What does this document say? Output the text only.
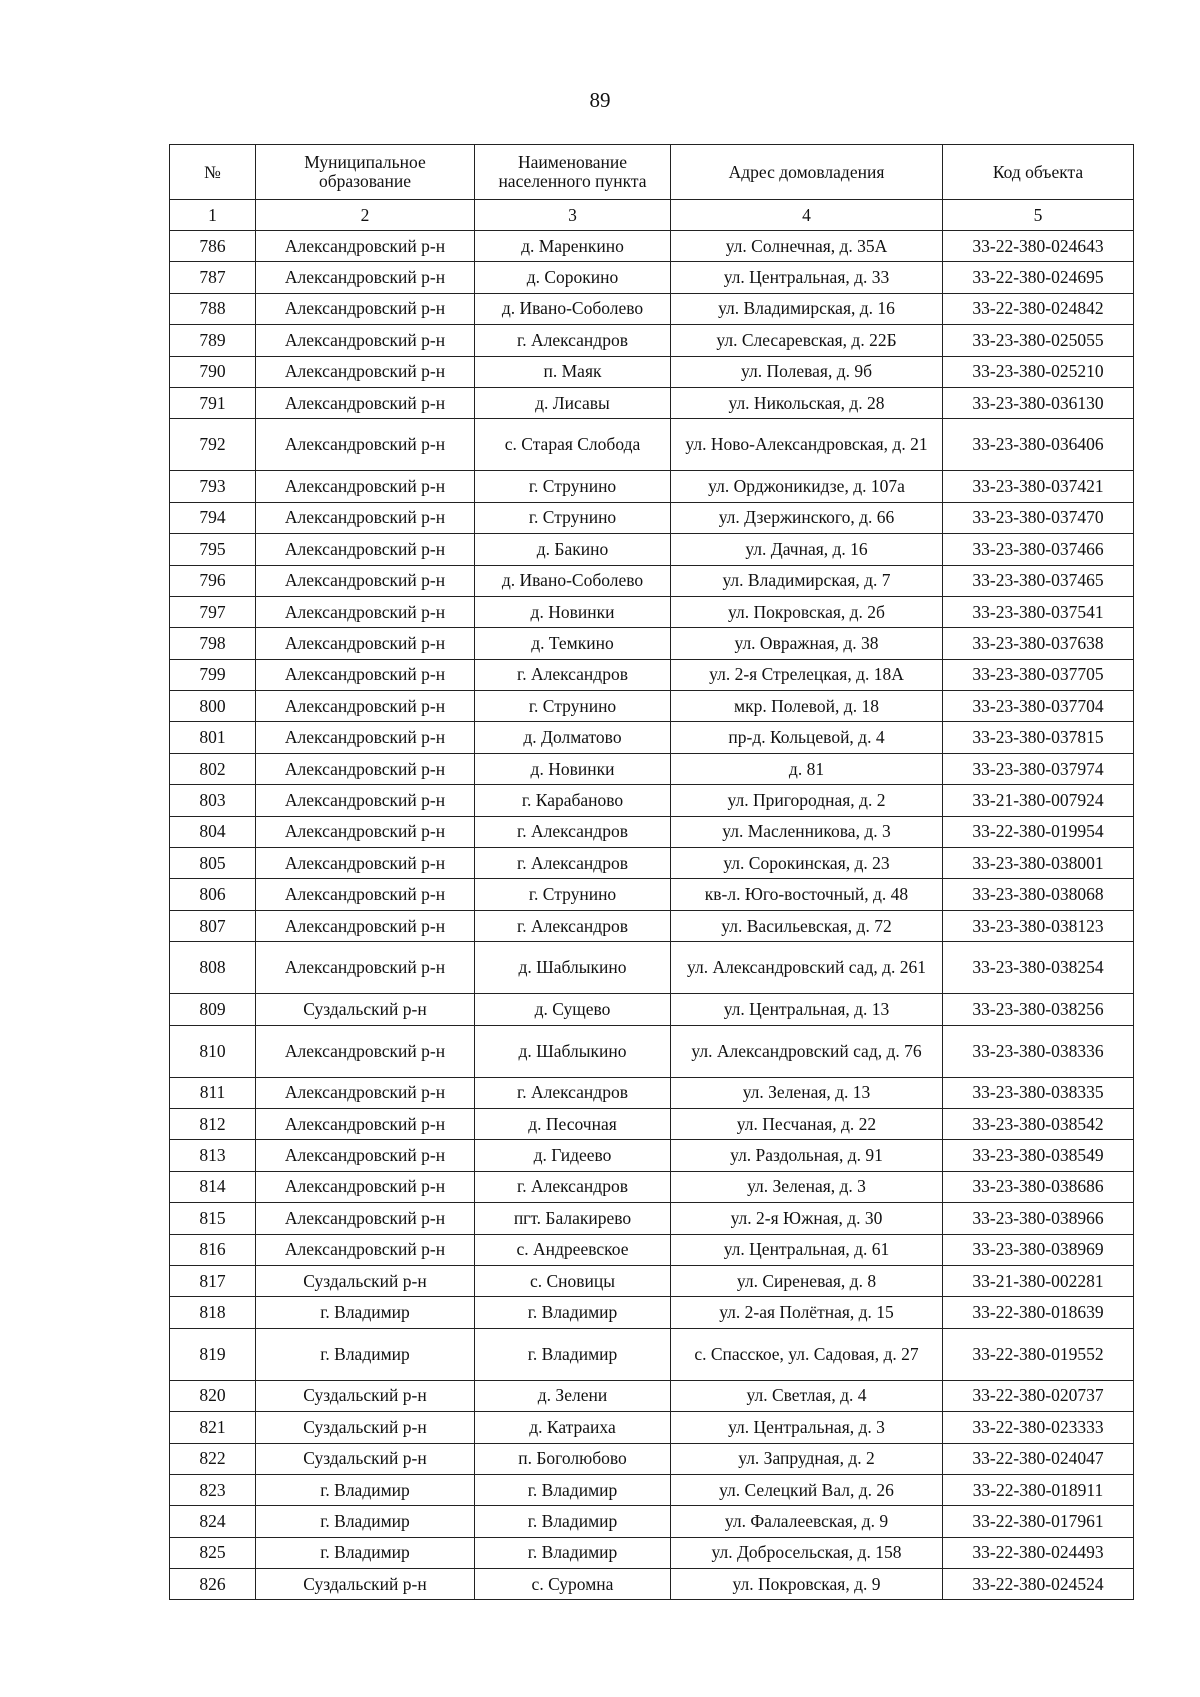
89
№	Муниципальное образование	Наименование населенного пункта	Адрес домовладения	Код объекта
1	2	3	4	5
786	Александровский р-н	д. Маренкино	ул. Солнечная, д. 35А	33-22-380-024643
787	Александровский р-н	д. Сорокино	ул. Центральная, д. 33	33-22-380-024695
788	Александровский р-н	д. Ивано-Соболево	ул. Владимирская, д. 16	33-22-380-024842
789	Александровский р-н	г. Александров	ул. Слесаревская, д. 22Б	33-23-380-025055
790	Александровский р-н	п. Маяк	ул. Полевая, д. 9б	33-23-380-025210
791	Александровский р-н	д. Лисавы	ул. Никольская, д. 28	33-23-380-036130
792	Александровский р-н	с. Старая Слобода	ул. Ново-Александровская, д. 21	33-23-380-036406
793	Александровский р-н	г. Струнино	ул. Орджоникидзе, д. 107а	33-23-380-037421
794	Александровский р-н	г. Струнино	ул. Дзержинского, д. 66	33-23-380-037470
795	Александровский р-н	д. Бакино	ул. Дачная, д. 16	33-23-380-037466
796	Александровский р-н	д. Ивано-Соболево	ул. Владимирская, д. 7	33-23-380-037465
797	Александровский р-н	д. Новинки	ул. Покровская, д. 2б	33-23-380-037541
798	Александровский р-н	д. Темкино	ул. Овражная, д. 38	33-23-380-037638
799	Александровский р-н	г. Александров	ул. 2-я Стрелецкая, д. 18А	33-23-380-037705
800	Александровский р-н	г. Струнино	мкр. Полевой, д. 18	33-23-380-037704
801	Александровский р-н	д. Долматово	пр-д. Кольцевой, д. 4	33-23-380-037815
802	Александровский р-н	д. Новинки	д. 81	33-23-380-037974
803	Александровский р-н	г. Карабаново	ул. Пригородная, д. 2	33-21-380-007924
804	Александровский р-н	г. Александров	ул. Масленникова, д. 3	33-22-380-019954
805	Александровский р-н	г. Александров	ул. Сорокинская, д. 23	33-23-380-038001
806	Александровский р-н	г. Струнино	кв-л. Юго-восточный, д. 48	33-23-380-038068
807	Александровский р-н	г. Александров	ул. Васильевская, д. 72	33-23-380-038123
808	Александровский р-н	д. Шаблыкино	ул. Александровский сад, д. 261	33-23-380-038254
809	Суздальский р-н	д. Сущево	ул. Центральная, д. 13	33-23-380-038256
810	Александровский р-н	д. Шаблыкино	ул. Александровский сад, д. 76	33-23-380-038336
811	Александровский р-н	г. Александров	ул. Зеленая, д. 13	33-23-380-038335
812	Александровский р-н	д. Песочная	ул. Песчаная, д. 22	33-23-380-038542
813	Александровский р-н	д. Гидеево	ул. Раздольная, д. 91	33-23-380-038549
814	Александровский р-н	г. Александров	ул. Зеленая, д. 3	33-23-380-038686
815	Александровский р-н	пгт. Балакирево	ул. 2-я Южная, д. 30	33-23-380-038966
816	Александровский р-н	с. Андреевское	ул. Центральная, д. 61	33-23-380-038969
817	Суздальский р-н	с. Сновицы	ул. Сиреневая, д. 8	33-21-380-002281
818	г. Владимир	г. Владимир	ул. 2-ая Полётная, д. 15	33-22-380-018639
819	г. Владимир	г. Владимир	с. Спасское, ул. Садовая, д. 27	33-22-380-019552
820	Суздальский р-н	д. Зелени	ул. Светлая, д. 4	33-22-380-020737
821	Суздальский р-н	д. Катраиха	ул. Центральная, д. 3	33-22-380-023333
822	Суздальский р-н	п. Боголюбово	ул. Запрудная, д. 2	33-22-380-024047
823	г. Владимир	г. Владимир	ул. Селецкий Вал, д. 26	33-22-380-018911
824	г. Владимир	г. Владимир	ул. Фалалеевская, д. 9	33-22-380-017961
825	г. Владимир	г. Владимир	ул. Добросельская, д. 158	33-22-380-024493
826	Суздальский р-н	с. Суромна	ул. Покровская, д. 9	33-22-380-024524
